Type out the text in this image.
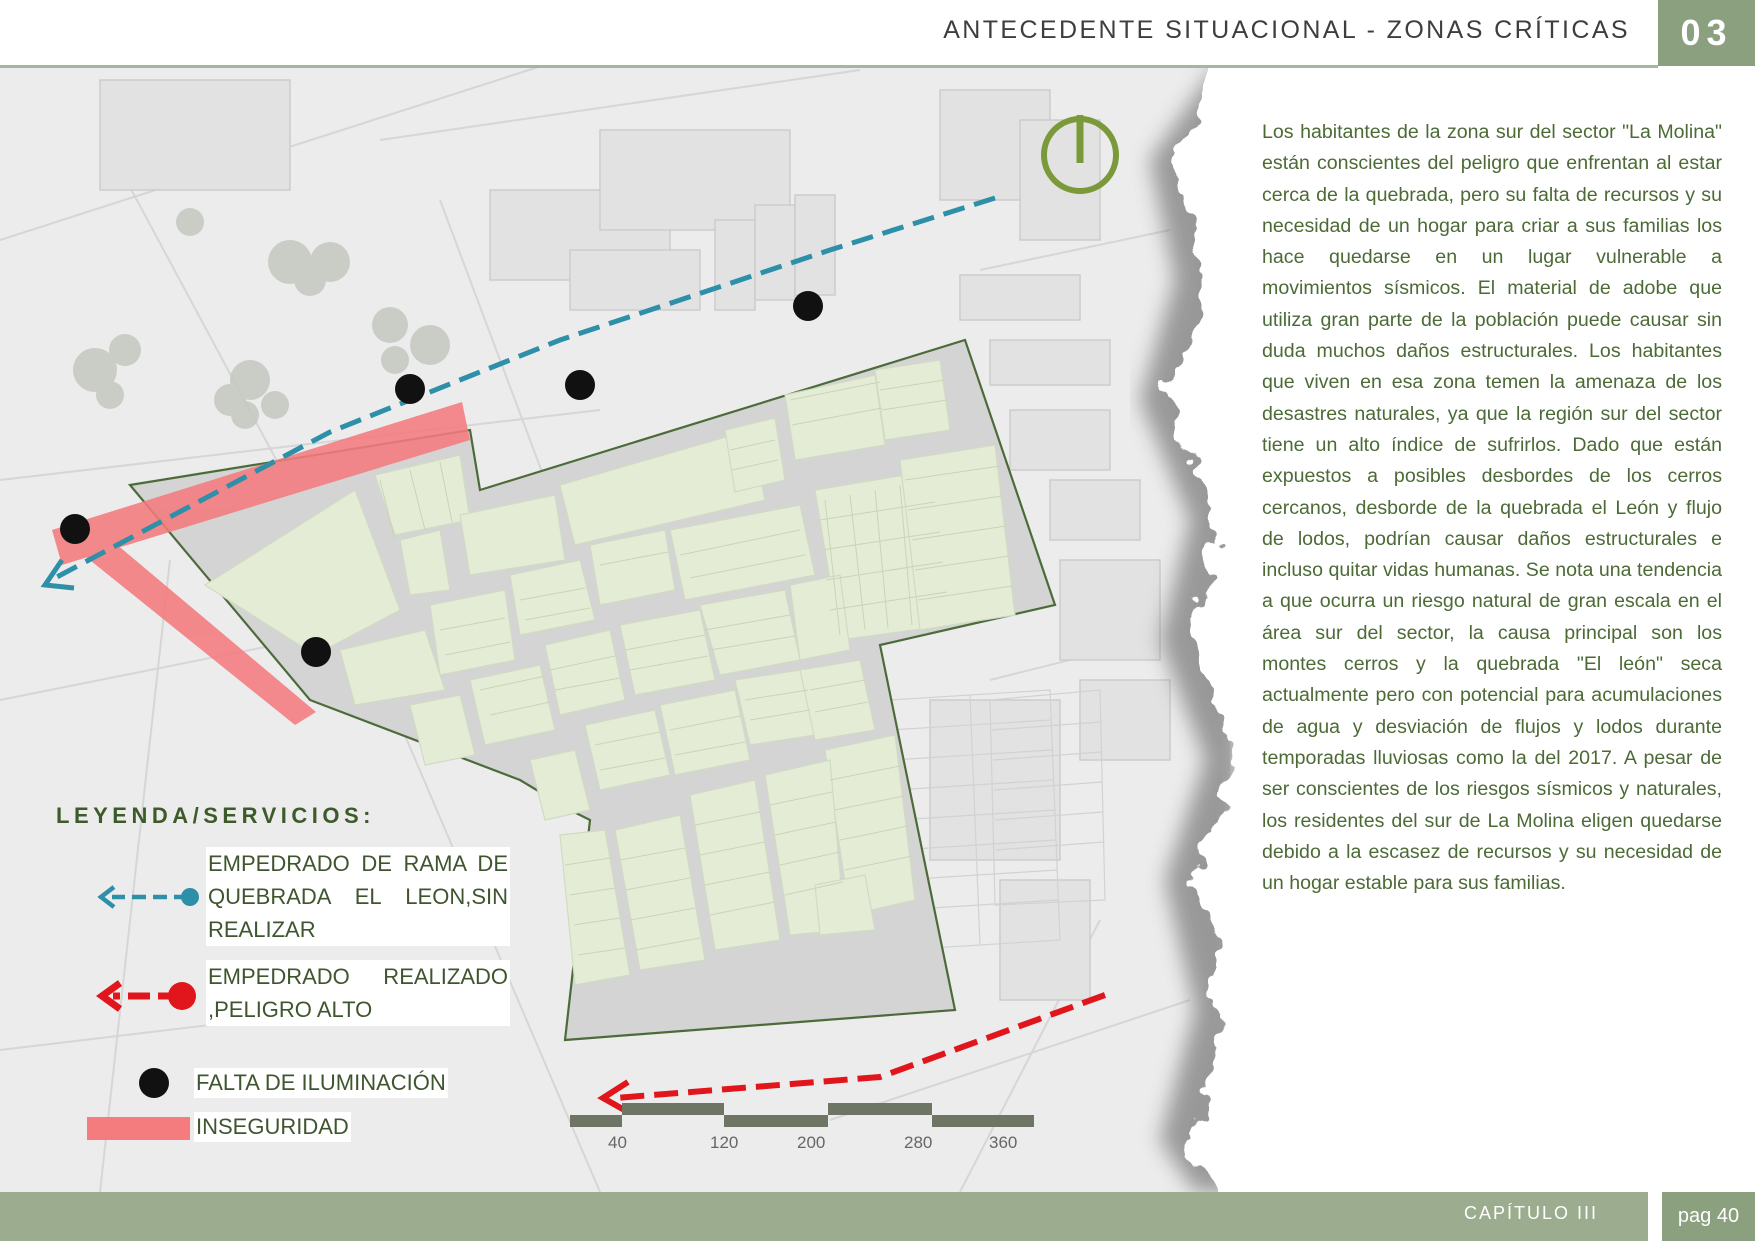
ANTECEDENTE SITUACIONAL - ZONAS CRÍTICAS	03
Los habitantes de la zona sur del sector "La Molina" están conscientes del peligro que enfrentan al estar cerca de la quebrada, pero su falta de recursos y su necesidad de un hogar para criar a sus familias los hace quedarse en un lugar vulnerable a movimientos sísmicos. El material de adobe que utiliza gran parte de la población puede causar sin duda muchos daños estructurales. Los habitantes que viven en esa zona temen la amenaza de los desastres naturales, ya que la región sur del sector tiene un alto índice de sufrirlos. Dado que están expuestos a posibles desbordes de los cerros cercanos, desborde de la quebrada el León y flujo de lodos, podrían causar daños estructurales e incluso quitar vidas humanas. Se nota una tendencia a que ocurra un riesgo natural de gran escala en el área sur del sector, la causa principal son los montes cerros y la quebrada "El león" seca actualmente pero con potencial para acumulaciones de agua y desviación de flujos y lodos durante temporadas lluviosas como la del 2017. A pesar de ser conscientes de los riesgos sísmicos y naturales, los residentes del sur de La Molina eligen quedarse debido a la escasez de recursos y su necesidad de un hogar estable para sus familias.
LEYENDA/SERVICIOS:
EMPEDRADO DE RAMA DE QUEBRADA EL LEON,SIN REALIZAR
EMPEDRADO REALIZADO ,PELIGRO ALTO
FALTA DE ILUMINACIÓN
INSEGURIDAD
40	120	200	280	360
CAPÍTULO III	pag 40
